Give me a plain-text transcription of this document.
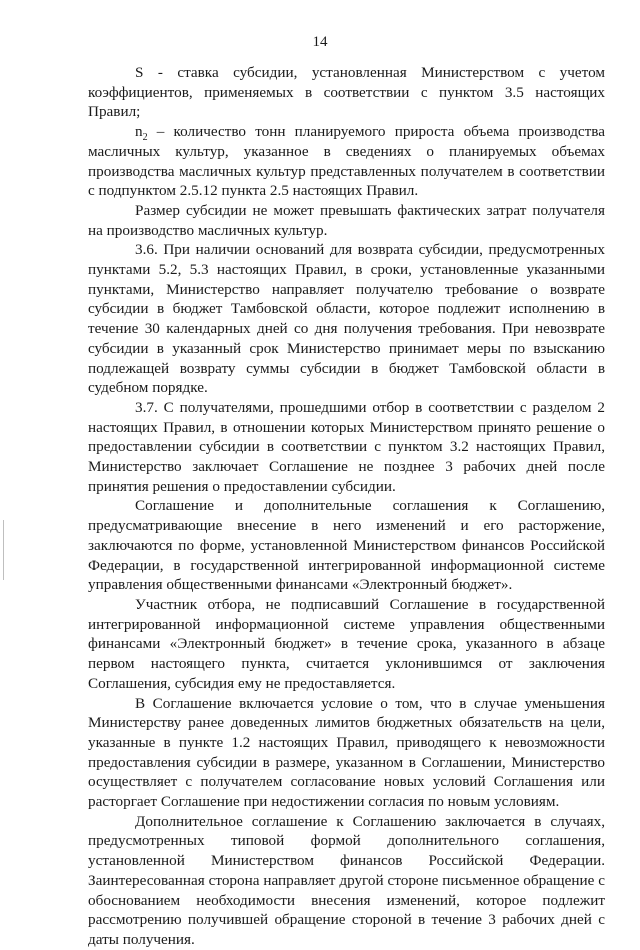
14

S - ставка субсидии, установленная Министерством с учетом коэффициентов, применяемых в соответствии с пунктом 3.5 настоящих Правил;

$n_2$ – количество тонн планируемого прироста объема производства масличных культур, указанное в сведениях о планируемых объемах производства масличных культур представленных получателем в соответствии с подпунктом 2.5.12 пункта 2.5 настоящих Правил.

Размер субсидии не может превышать фактических затрат получателя на производство масличных культур.

3.6. При наличии оснований для возврата субсидии, предусмотренных пунктами 5.2, 5.3 настоящих Правил, в сроки, установленные указанными пунктами, Министерство направляет получателю требование о возврате субсидии в бюджет Тамбовской области, которое подлежит исполнению в течение 30 календарных дней со дня получения требования. При невозврате субсидии в указанный срок Министерство принимает меры по взысканию подлежащей возврату суммы субсидии в бюджет Тамбовской области в судебном порядке.

3.7. С получателями, прошедшими отбор в соответствии с разделом 2 настоящих Правил, в отношении которых Министерством принято решение о предоставлении субсидии в соответствии с пунктом 3.2 настоящих Правил, Министерство заключает Соглашение не позднее 3 рабочих дней после принятия решения о предоставлении субсидии.

Соглашение и дополнительные соглашения к Соглашению, предусматривающие внесение в него изменений и его расторжение, заключаются по форме, установленной Министерством финансов Российской Федерации, в государственной интегрированной информационной системе управления общественными финансами «Электронный бюджет».

Участник отбора, не подписавший Соглашение в государственной интегрированной информационной системе управления общественными финансами «Электронный бюджет» в течение срока, указанного в абзаце первом настоящего пункта, считается уклонившимся от заключения Соглашения, субсидия ему не предоставляется.

В Соглашение включается условие о том, что в случае уменьшения Министерству ранее доведенных лимитов бюджетных обязательств на цели, указанные в пункте 1.2 настоящих Правил, приводящего к невозможности предоставления субсидии в размере, указанном в Соглашении, Министерство осуществляет с получателем согласование новых условий Соглашения или расторгает Соглашение при недостижении согласия по новым условиям.

Дополнительное соглашение к Соглашению заключается в случаях, предусмотренных типовой формой дополнительного соглашения, установленной Министерством финансов Российской Федерации. Заинтересованная сторона направляет другой стороне письменное обращение с обоснованием необходимости внесения изменений, которое подлежит рассмотрению получившей обращение стороной в течение 3 рабочих дней с даты получения.
